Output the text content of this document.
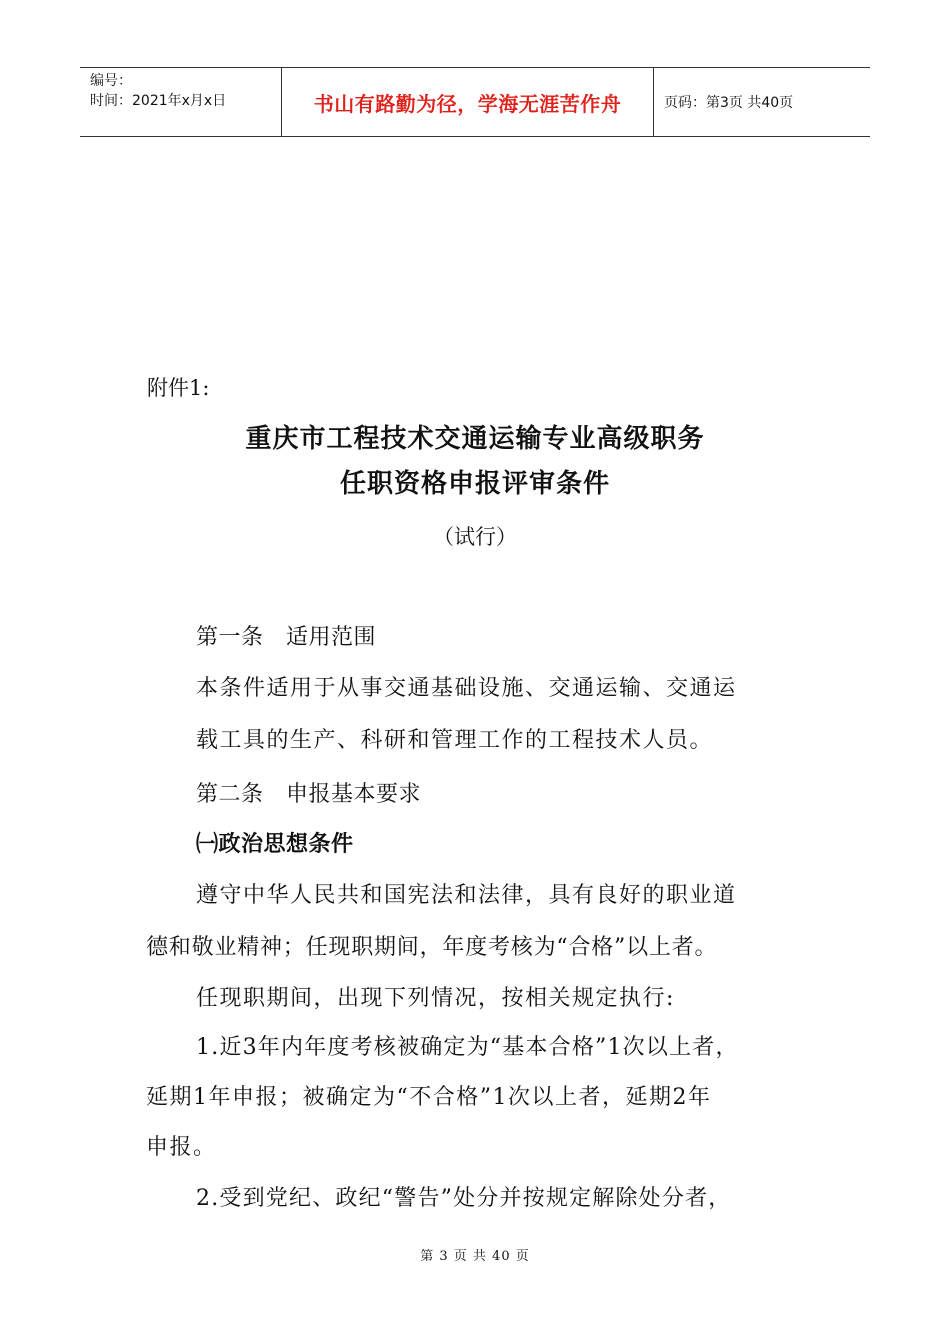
编号：
时间：2021年x月x日	书山有路勤为径，学海无涯苦作舟	页码：第3页 共40页
附件1:
重庆市工程技术交通运输专业高级职务
任职资格申报评审条件
（试行）
第一条　适用范围
本条件适用于从事交通基础设施、交通运输、交通运
载工具的生产、科研和管理工作的工程技术人员。
第二条　申报基本要求
㈠政治思想条件
遵守中华人民共和国宪法和法律，具有良好的职业道
德和敬业精神；任现职期间，年度考核为“合格”以上者。
任现职期间，出现下列情况，按相关规定执行:
1.近3年内年度考核被确定为“基本合格”1次以上者，
延期1年申报；被确定为“不合格”1次以上者，延期2年
申报。
2.受到党纪、政纪“警告”处分并按规定解除处分者，
第 3 页 共 40 页
